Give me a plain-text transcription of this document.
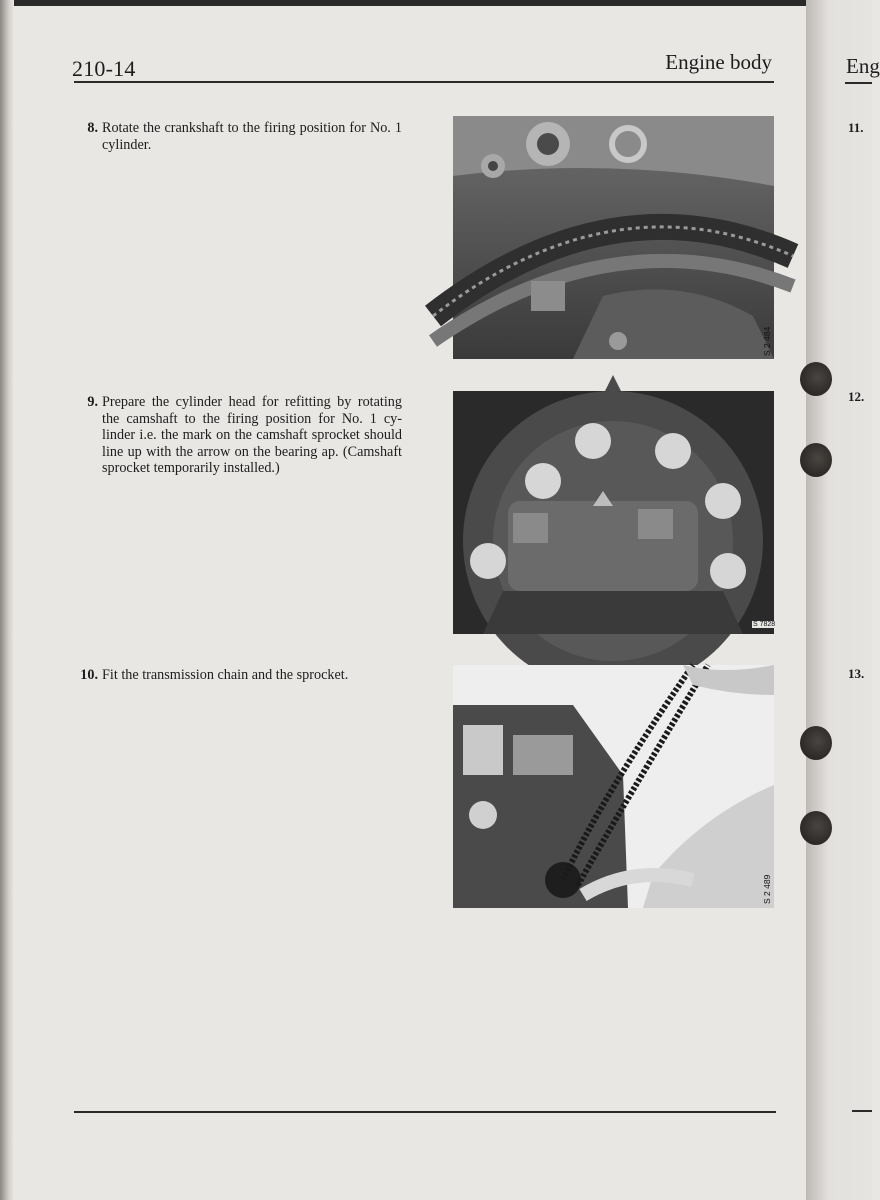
210-14	Engine body
8. Rotate the crankshaft to the firing position for No. 1 cylinder.
9. Prepare the cylinder head for refitting by rotating the camshaft to the firing position for No. 1 cy-linder i.e. the mark on the camshaft sprocket should line up with the arrow on the bearing ap. (Camshaft sprocket temporarily installed.)
10. Fit the transmission chain and the sprocket.
S 2 484
S 7828
S 2 489
Eng
11.
12.
13.
